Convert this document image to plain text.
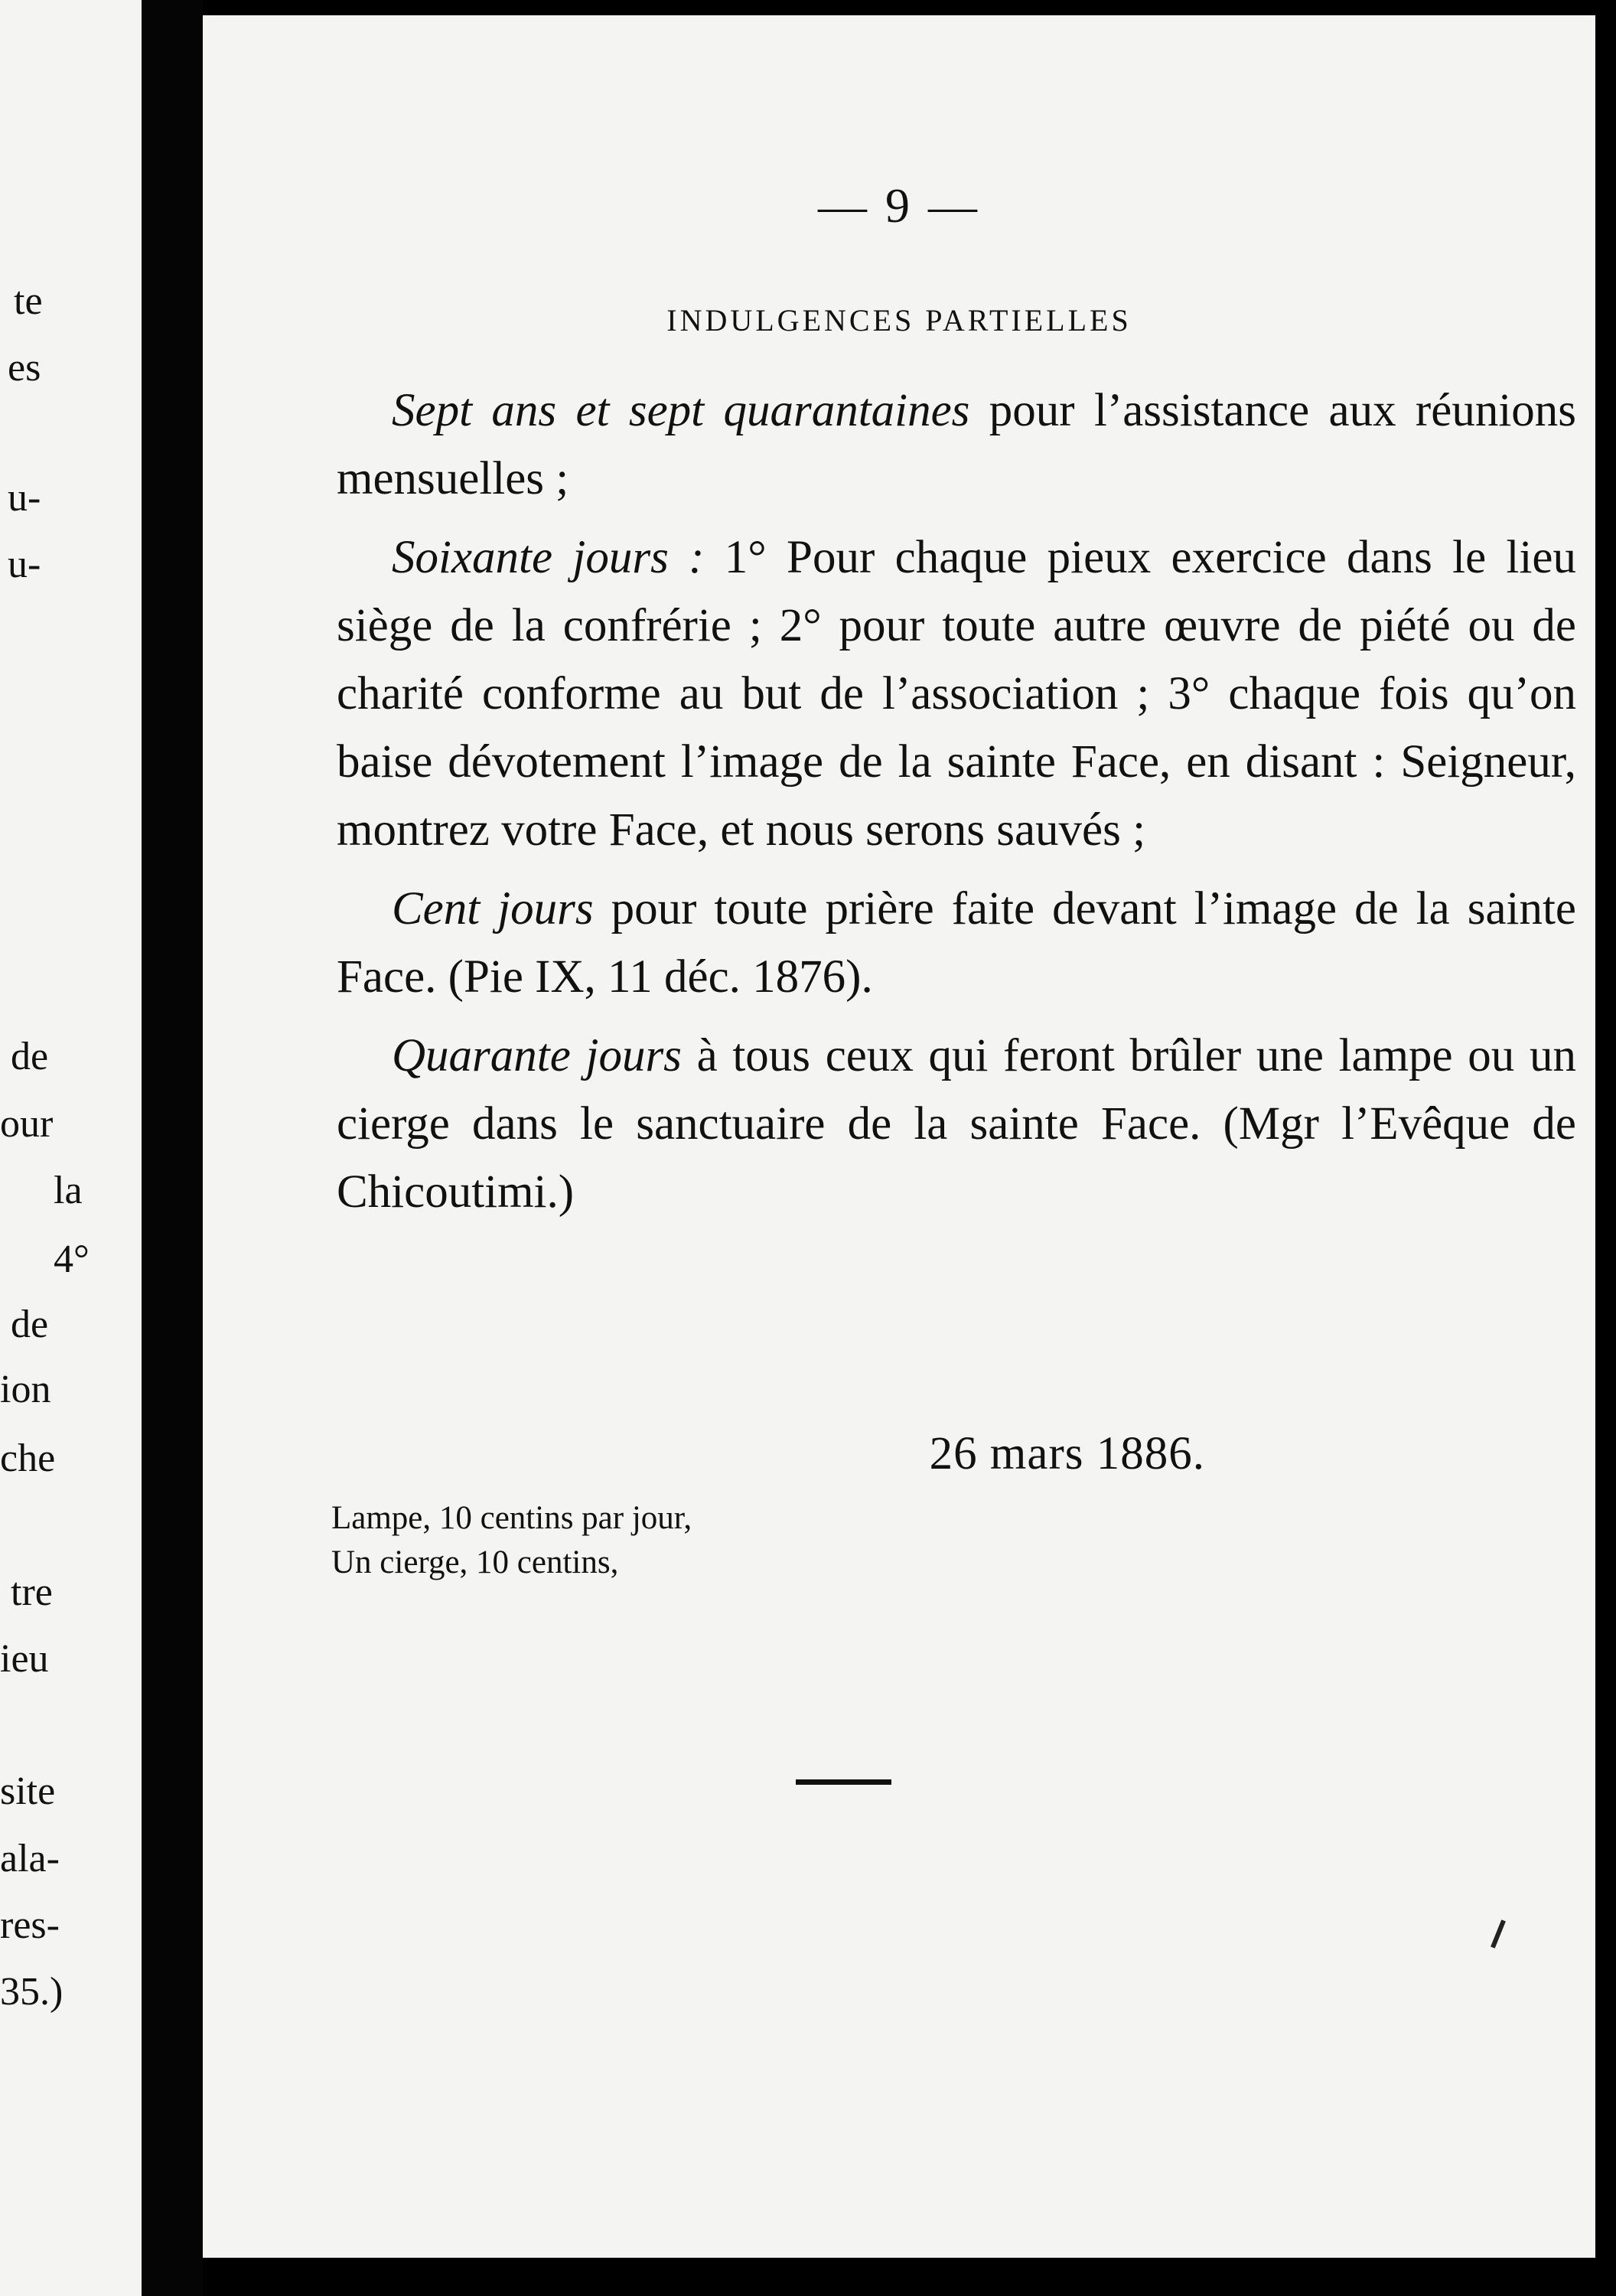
te
es
u-
u-
de
our
la
4°
de
ion
che
tre
ieu
site
ala-
res-
35.)
— 9 —
INDULGENCES PARTIELLES

Sept ans et sept quarantaines pour l’assistance aux réunions mensuelles ;

Soixante jours : 1° Pour chaque pieux exercice dans le lieu siège de la confrérie ; 2° pour toute autre œuvre de piété ou de charité conforme au but de l’association ; 3° chaque fois qu’on baise dévotement l’image de la sainte Face, en disant : Seigneur, montrez votre Face, et nous serons sauvés ;

Cent jours pour toute prière faite devant l’image de la sainte Face. (Pie IX, 11 déc. 1876).

Quarante jours à tous ceux qui feront brûler une lampe ou un cierge dans le sanctuaire de la sainte Face. (Mgr l’Evêque de Chicoutimi.)

26 mars 1886.
Lampe, 10 centins par jour,
Un cierge, 10 centins,
